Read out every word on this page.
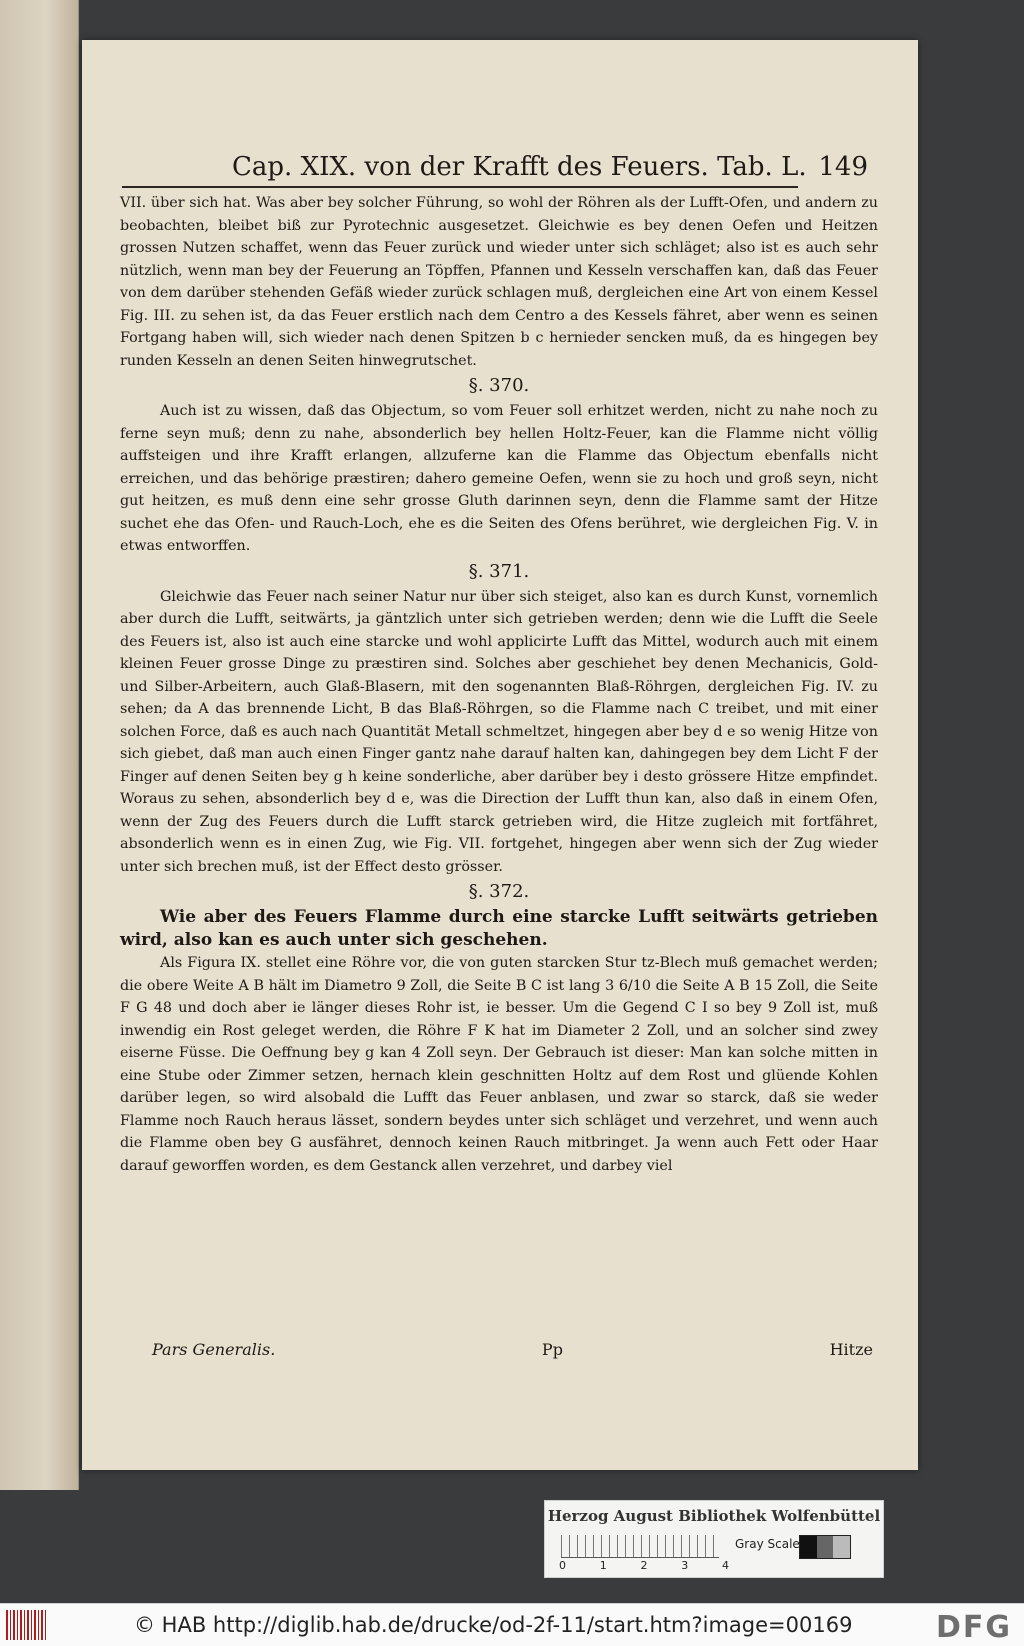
Cap. XIX. von der Krafft des Feuers. Tab. L. 149

VII. über sich hat. Was aber bey solcher Führung, so wohl der Röhren als der Lufft-Ofen, und andern zu beobachten, bleibet biß zur Pyrotechnic ausgesetzet. Gleichwie es bey denen Oefen und Heitzen grossen Nutzen schaffet, wenn das Feuer zurück und wieder unter sich schläget; also ist es auch sehr nützlich, wenn man bey der Feuerung an Töpffen, Pfannen und Kesseln verschaffen kan, daß das Feuer von dem darüber stehenden Gefäß wieder zurück schlagen muß, dergleichen eine Art von einem Kessel Fig. III. zu sehen ist, da das Feuer erstlich nach dem Centro a des Kessels fähret, aber wenn es seinen Fortgang haben will, sich wieder nach denen Spitzen b c hernieder sencken muß, da es hingegen bey runden Kesseln an denen Seiten hinwegrutschet.

§. 370.

Auch ist zu wissen, daß das Objectum, so vom Feuer soll erhitzet werden, nicht zu nahe noch zu ferne seyn muß; denn zu nahe, absonderlich bey hellen Holtz-Feuer, kan die Flamme nicht völlig auffsteigen und ihre Krafft erlangen, allzuferne kan die Flamme das Objectum ebenfalls nicht erreichen, und das behörige præstiren; dahero gemeine Oefen, wenn sie zu hoch und groß seyn, nicht gut heitzen, es muß denn eine sehr grosse Gluth darinnen seyn, denn die Flamme samt der Hitze suchet ehe das Ofen- und Rauch-Loch, ehe es die Seiten des Ofens berühret, wie dergleichen Fig. V. in etwas entworffen.

§. 371.

Gleichwie das Feuer nach seiner Natur nur über sich steiget, also kan es durch Kunst, vornemlich aber durch die Lufft, seitwärts, ja gäntzlich unter sich getrieben werden; denn wie die Lufft die Seele des Feuers ist, also ist auch eine starcke und wohl applicirte Lufft das Mittel, wodurch auch mit einem kleinen Feuer grosse Dinge zu præstiren sind. Solches aber geschiehet bey denen Mechanicis, Gold- und Silber-Arbeitern, auch Glaß-Blasern, mit den sogenannten Blaß-Röhrgen, dergleichen Fig. IV. zu sehen; da A das brennende Licht, B das Blaß-Röhrgen, so die Flamme nach C treibet, und mit einer solchen Force, daß es auch nach Quantität Metall schmeltzet, hingegen aber bey d e so wenig Hitze von sich giebet, daß man auch einen Finger gantz nahe darauf halten kan, dahingegen bey dem Licht F der Finger auf denen Seiten bey g h keine sonderliche, aber darüber bey i desto grössere Hitze empfindet. Woraus zu sehen, absonderlich bey d e, was die Direction der Lufft thun kan, also daß in einem Ofen, wenn der Zug des Feuers durch die Lufft starck getrieben wird, die Hitze zugleich mit fortfähret, absonderlich wenn es in einen Zug, wie Fig. VII. fortgehet, hingegen aber wenn sich der Zug wieder unter sich brechen muß, ist der Effect desto grösser.

§. 372.

Wie aber des Feuers Flamme durch eine starcke Lufft seitwärts getrieben wird, also kan es auch unter sich geschehen.

Als Figura IX. stellet eine Röhre vor, die von guten starcken Stur tz-Blech muß gemachet werden; die obere Weite A B hält im Diametro 9 Zoll, die Seite B C ist lang 3 6/10 die Seite A B 15 Zoll, die Seite F G 48 und doch aber ie länger dieses Rohr ist, ie besser. Um die Gegend C I so bey 9 Zoll ist, muß inwendig ein Rost geleget werden, die Röhre F K hat im Diameter 2 Zoll, und an solcher sind zwey eiserne Füsse. Die Oeffnung bey g kan 4 Zoll seyn. Der Gebrauch ist dieser: Man kan solche mitten in eine Stube oder Zimmer setzen, hernach klein geschnitten Holtz auf dem Rost und glüende Kohlen darüber legen, so wird alsobald die Lufft das Feuer anblasen, und zwar so starck, daß sie weder Flamme noch Rauch heraus lässet, sondern beydes unter sich schläget und verzehret, und wenn auch die Flamme oben bey G ausfähret, dennoch keinen Rauch mitbringet. Ja wenn auch Fett oder Haar darauf geworffen worden, es dem Gestanck allen verzehret, und darbey viel

Pars Generalis.	Pp	Hitze
Herzog August Bibliothek Wolfenbüttel
0	1	2	3	4
Gray Scale
© HAB http://diglib.hab.de/drucke/od-2f-11/start.htm?image=00169	DFG
